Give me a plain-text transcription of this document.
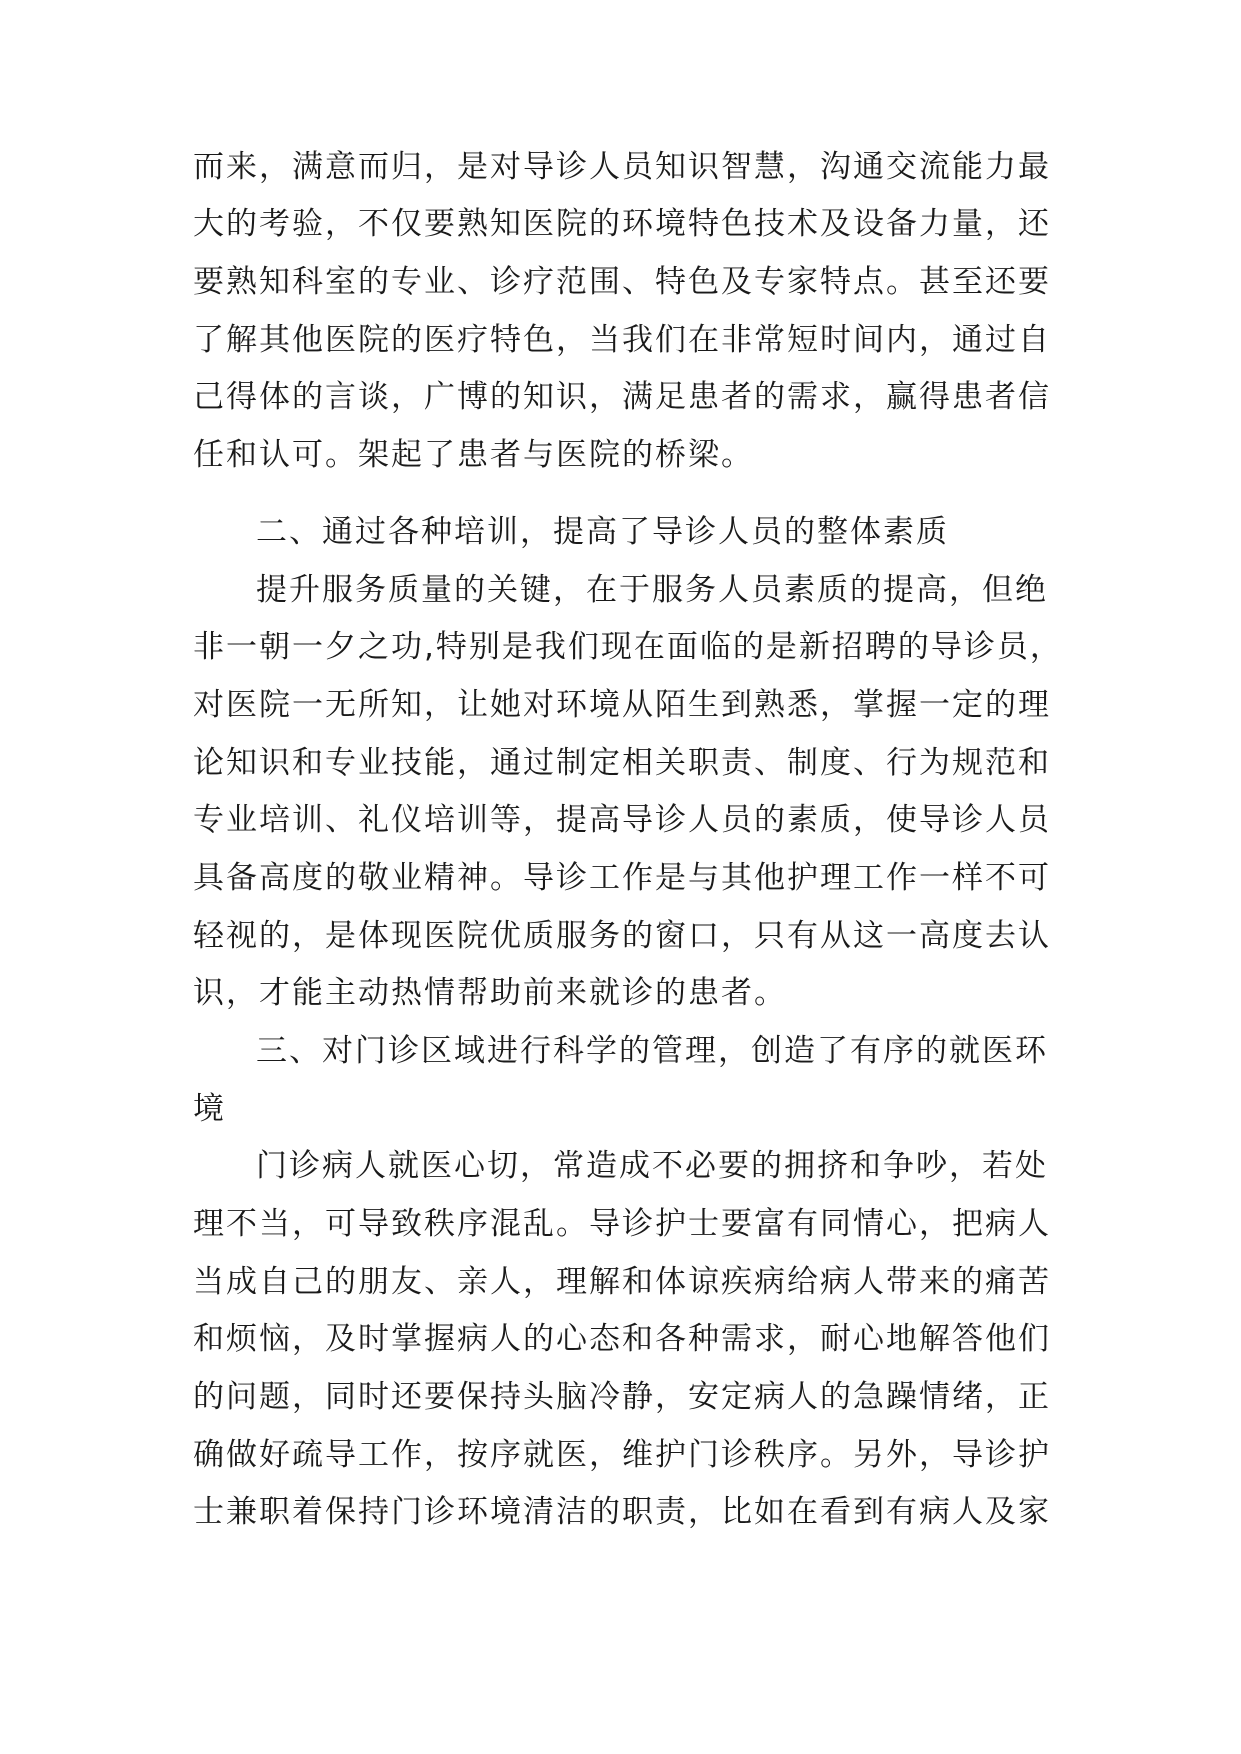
而来，满意而归，是对导诊人员知识智慧，沟通交流能力最
大的考验，不仅要熟知医院的环境特色技术及设备力量，还
要熟知科室的专业、诊疗范围、特色及专家特点。甚至还要
了解其他医院的医疗特色，当我们在非常短时间内，通过自
己得体的言谈，广博的知识，满足患者的需求，赢得患者信
任和认可。架起了患者与医院的桥梁。
二、通过各种培训，提高了导诊人员的整体素质
提升服务质量的关键，在于服务人员素质的提高，但绝
非一朝一夕之功,特别是我们现在面临的是新招聘的导诊员，
对医院一无所知，让她对环境从陌生到熟悉，掌握一定的理
论知识和专业技能，通过制定相关职责、制度、行为规范和
专业培训、礼仪培训等，提高导诊人员的素质，使导诊人员
具备高度的敬业精神。导诊工作是与其他护理工作一样不可
轻视的，是体现医院优质服务的窗口，只有从这一高度去认
识，才能主动热情帮助前来就诊的患者。
三、对门诊区域进行科学的管理，创造了有序的就医环
境
门诊病人就医心切，常造成不必要的拥挤和争吵，若处
理不当，可导致秩序混乱。导诊护士要富有同情心，把病人
当成自己的朋友、亲人，理解和体谅疾病给病人带来的痛苦
和烦恼，及时掌握病人的心态和各种需求，耐心地解答他们
的问题，同时还要保持头脑冷静，安定病人的急躁情绪，正
确做好疏导工作，按序就医，维护门诊秩序。另外，导诊护
士兼职着保持门诊环境清洁的职责，比如在看到有病人及家
